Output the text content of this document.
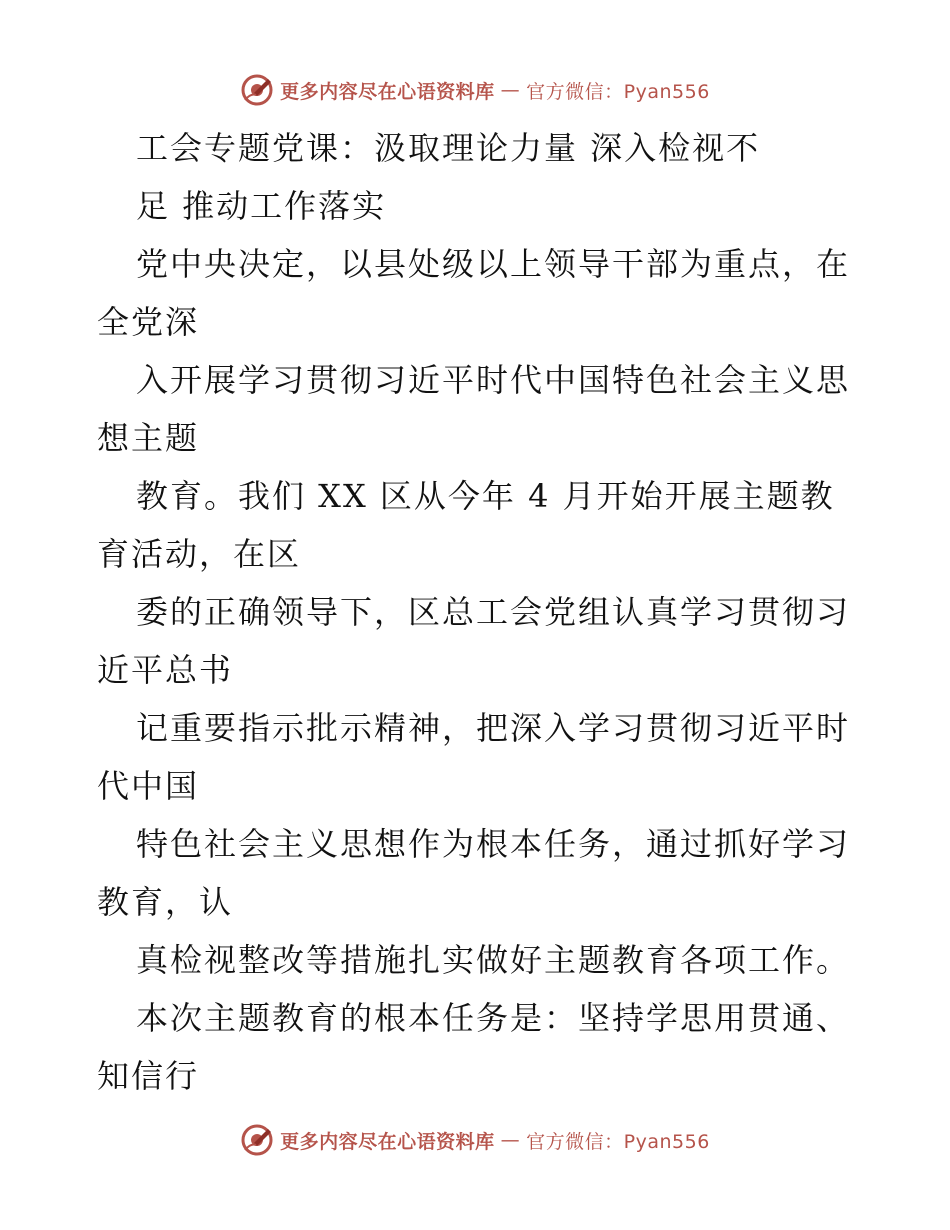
更多内容尽在心语资料库 — 官方微信：Pyan556
工会专题党课：汲取理论力量 深入检视不
足 推动工作落实
党中央决定，以县处级以上领导干部为重点，在
全党深
入开展学习贯彻习近平时代中国特色社会主义思
想主题
教育。我们 XX 区从今年 4 月开始开展主题教
育活动，在区
委的正确领导下，区总工会党组认真学习贯彻习
近平总书
记重要指示批示精神，把深入学习贯彻习近平时
代中国
特色社会主义思想作为根本任务，通过抓好学习
教育，认
真检视整改等措施扎实做好主题教育各项工作。
本次主题教育的根本任务是：坚持学思用贯通、
知信行
更多内容尽在心语资料库 — 官方微信：Pyan556
